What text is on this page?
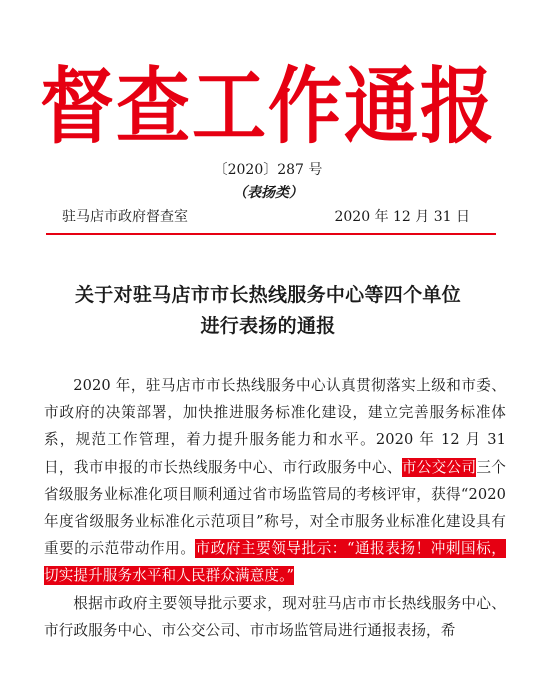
督查工作通报
〔2020〕287 号
（表扬类）
驻马店市政府督查室	2020 年 12 月 31 日
关于对驻马店市市长热线服务中心等四个单位
进行表扬的通报

2020 年，驻马店市市长热线服务中心认真贯彻落实上级和市委、市政府的决策部署，加快推进服务标准化建设，建立完善服务标准体系，规范工作管理，着力提升服务能力和水平。2020 年 12 月 31 日，我市申报的市长热线服务中心、市行政服务中心、市公交公司三个省级服务业标准化项目顺利通过省市场监管局的考核评审，获得“2020 年度省级服务业标准化示范项目”称号，对全市服务业标准化建设具有重要的示范带动作用。市政府主要领导批示：“通报表扬！冲刺国标，切实提升服务水平和人民群众满意度。”

根据市政府主要领导批示要求，现对驻马店市市长热线服务中心、市行政服务中心、市公交公司、市市场监管局进行通报表扬，希
